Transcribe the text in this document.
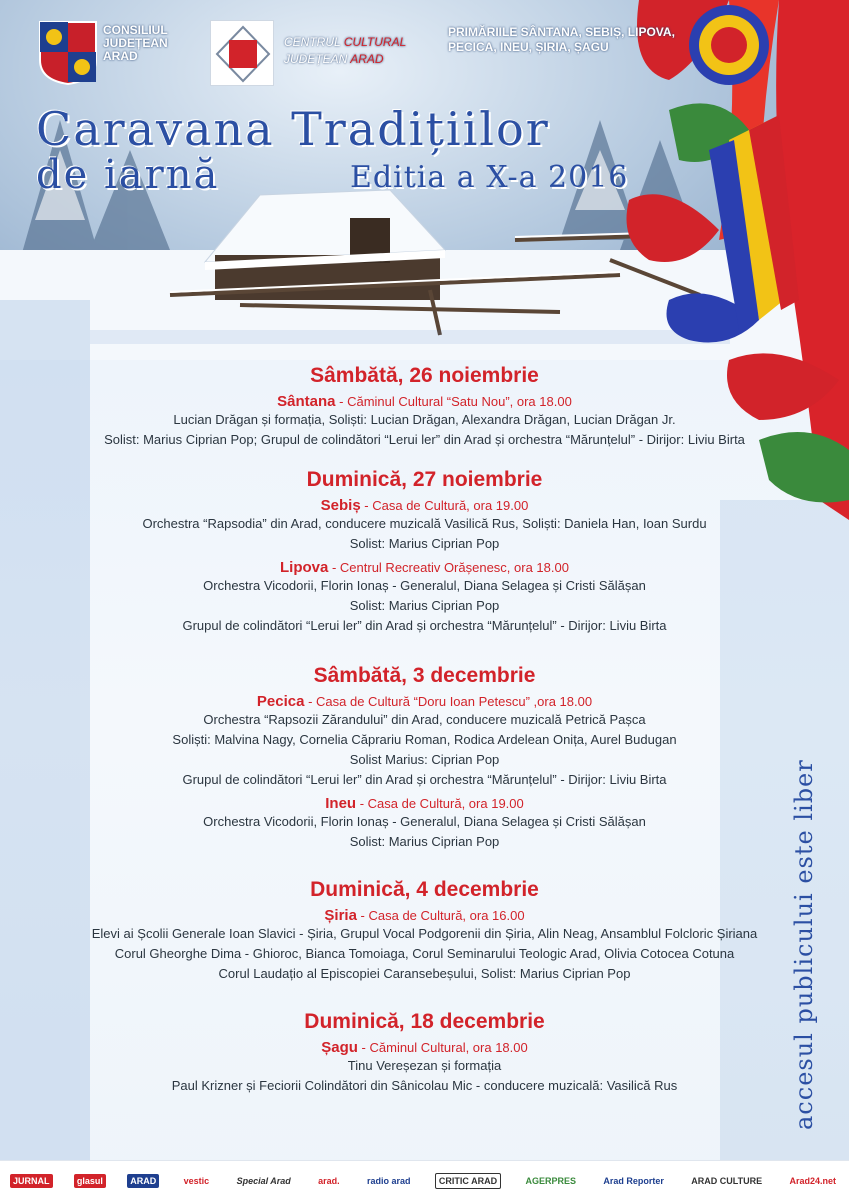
CONSILIUL
JUDEȚEAN
ARAD
CENTRUL CULTURAL
JUDEȚEAN ARAD
PRIMĂRIILE SÂNTANA, SEBIȘ, LIPOVA,
PECICA, INEU, ȘIRIA, ȘAGU
Caravana Tradițiilor
de iarnă	Editia a X-a 2016
Sâmbătă, 26 noiembrie
Sântana - Căminul Cultural “Satu Nou”, ora 18.00
Lucian Drăgan și formația, Soliști: Lucian Drăgan, Alexandra Drăgan, Lucian Drăgan Jr.
Solist: Marius Ciprian Pop; Grupul de colindători “Lerui ler” din Arad și orchestra “Mărunțelul” - Dirijor: Liviu Birta
Duminică, 27 noiembrie
Sebiș - Casa de Cultură, ora 19.00
Orchestra “Rapsodia” din Arad, conducere muzicală Vasilică Rus, Soliști: Daniela Han, Ioan Surdu
Solist: Marius Ciprian Pop
Lipova - Centrul Recreativ Orășenesc, ora 18.00
Orchestra Vicodorii, Florin Ionaș - Generalul, Diana Selagea și Cristi Sălășan
Solist: Marius Ciprian Pop
Grupul de colindători “Lerui ler” din Arad și orchestra “Mărunțelul” - Dirijor: Liviu Birta
Sâmbătă, 3 decembrie
Pecica - Casa de Cultură “Doru Ioan Petescu” ,ora 18.00
Orchestra “Rapsozii Zărandului” din Arad, conducere muzicală Petrică Pașca
Soliști: Malvina Nagy, Cornelia Căprariu Roman, Rodica Ardelean Onița, Aurel Budugan
Solist Marius: Ciprian Pop
Grupul de colindători “Lerui ler” din Arad și orchestra “Mărunțelul” - Dirijor: Liviu Birta
Ineu - Casa de Cultură, ora 19.00
Orchestra Vicodorii, Florin Ionaș - Generalul, Diana Selagea și Cristi Sălășan
Solist: Marius Ciprian Pop
Duminică, 4 decembrie
Șiria - Casa de Cultură, ora 16.00
Elevi ai Școlii Generale Ioan Slavici - Șiria, Grupul Vocal Podgorenii din Șiria, Alin Neag, Ansamblul Folcloric Șiriana
Corul Gheorghe Dima - Ghioroc, Bianca Tomoiaga, Corul Seminarului Teologic Arad, Olivia Cotocea Cotuna
Corul Laudațio al Episcopiei Caransebeșului, Solist: Marius Ciprian Pop
Duminică, 18 decembrie
Șagu - Căminul Cultural, ora 18.00
Tinu Vereșezan și formația
Paul Krizner și Feciorii Colindători din Sânicolau Mic - conducere muzicală: Vasilică Rus	accesul publicului este liber
JURNAL	glasul	ARAD	vestic	Special Arad	arad.	radio arad	CRITIC ARAD	AGERPRES	Arad Reporter	ARAD CULTURE	Arad24.net
